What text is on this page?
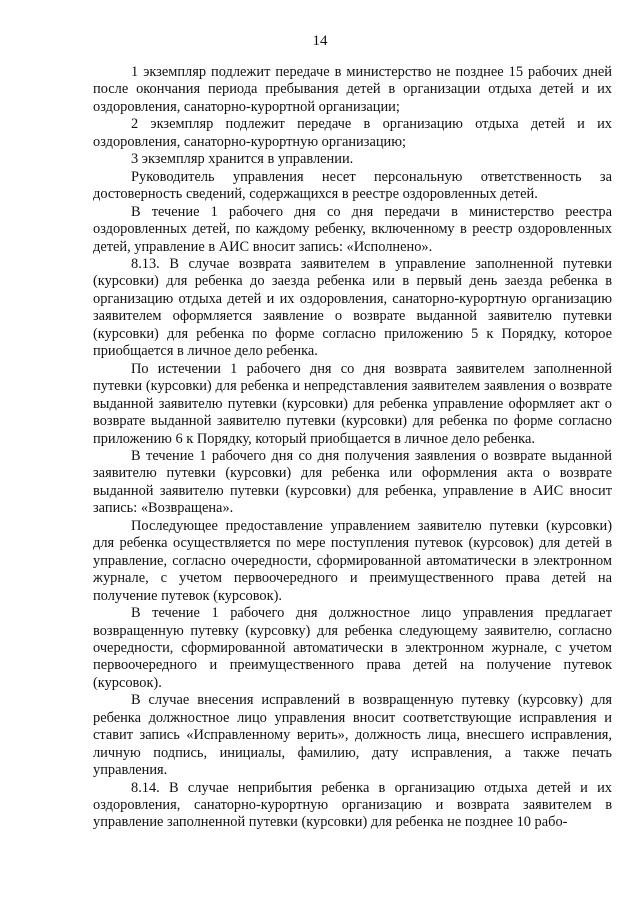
14

1 экземпляр подлежит передаче в министерство не позднее 15 рабочих дней после окончания периода пребывания детей в организации отдыха детей и их оздоровления, санаторно-курортной организации;

2 экземпляр подлежит передаче в организацию отдыха детей и их оздоровления, санаторно-курортную организацию;

3 экземпляр хранится в управлении.

Руководитель управления несет персональную ответственность за достоверность сведений, содержащихся в реестре оздоровленных детей.

В течение 1 рабочего дня со дня передачи в министерство реестра оздоровленных детей, по каждому ребенку, включенному в реестр оздоровленных детей, управление в АИС вносит запись: «Исполнено».

8.13. В случае возврата заявителем в управление заполненной путевки (курсовки) для ребенка до заезда ребенка или в первый день заезда ребенка в организацию отдыха детей и их оздоровления, санаторно-курортную организацию заявителем оформляется заявление о возврате выданной заявителю путевки (курсовки) для ребенка по форме согласно приложению 5 к Порядку, которое приобщается в личное дело ребенка.

По истечении 1 рабочего дня со дня возврата заявителем заполненной путевки (курсовки) для ребенка и непредставления заявителем заявления о возврате выданной заявителю путевки (курсовки) для ребенка управление оформляет акт о возврате выданной заявителю путевки (курсовки) для ребенка по форме согласно приложению 6 к Порядку, который приобщается в личное дело ребенка.

В течение 1 рабочего дня со дня получения заявления о возврате выданной заявителю путевки (курсовки) для ребенка или оформления акта о возврате выданной заявителю путевки (курсовки) для ребенка, управление в АИС вносит запись: «Возвращена».

Последующее предоставление управлением заявителю путевки (курсовки) для ребенка осуществляется по мере поступления путевок (курсовок) для детей в управление, согласно очередности, сформированной автоматически в электронном журнале, с учетом первоочередного и преимущественного права детей на получение путевок (курсовок).

В течение 1 рабочего дня должностное лицо управления предлагает возвращенную путевку (курсовку) для ребенка следующему заявителю, согласно очередности, сформированной автоматически в электронном журнале, с учетом первоочередного и преимущественного права детей на получение путевок (курсовок).

В случае внесения исправлений в возвращенную путевку (курсовку) для ребенка должностное лицо управления вносит соответствующие исправления и ставит запись «Исправленному верить», должность лица, внесшего исправления, личную подпись, инициалы, фамилию, дату исправления, а также печать управления.

8.14. В случае неприбытия ребенка в организацию отдыха детей и их оздоровления, санаторно-курортную организацию и возврата заявителем в управление заполненной путевки (курсовки) для ребенка не позднее 10 рабо-
